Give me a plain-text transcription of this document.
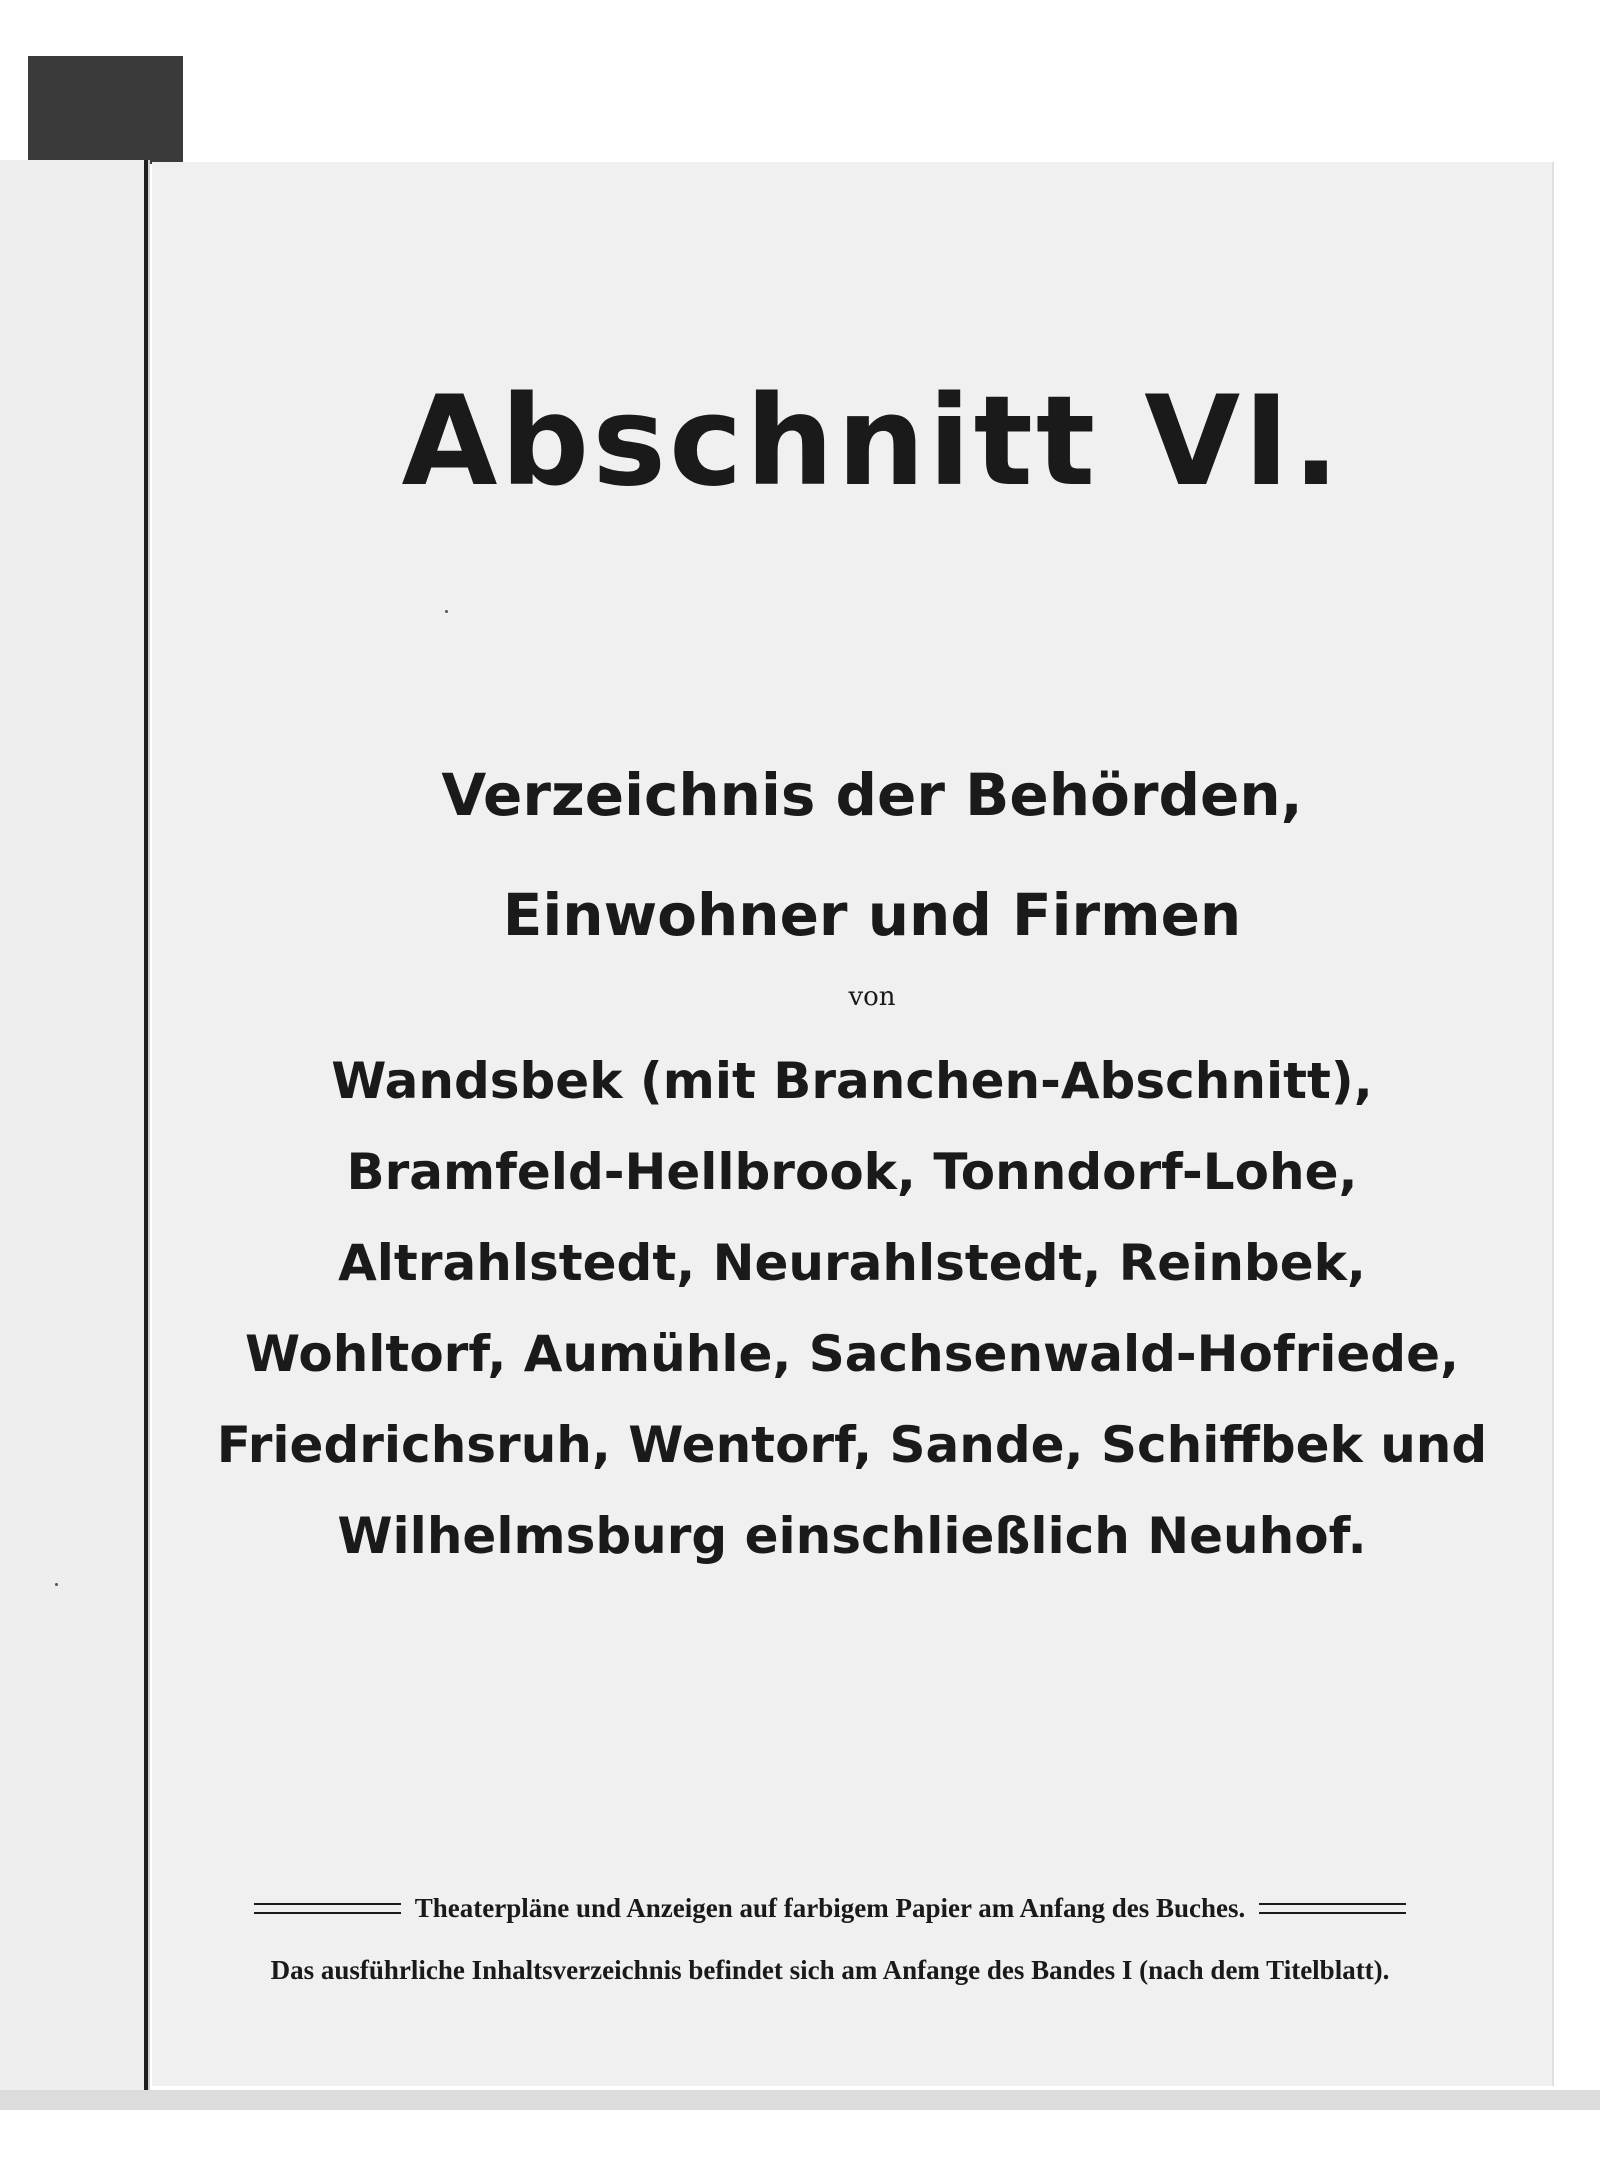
Abschnitt VI.
Verzeichnis der Behörden,
Einwohner und Firmen
von
Wandsbek (mit Branchen-Abschnitt),
Bramfeld-Hellbrook, Tonndorf-Lohe,
Altrahlstedt, Neurahlstedt, Reinbek,
Wohltorf, Aumühle, Sachsenwald-Hofriede,
Friedrichsruh, Wentorf, Sande, Schiffbek und
Wilhelmsburg einschließlich Neuhof.
Theaterpläne und Anzeigen auf farbigem Papier am Anfang des Buches.
Das ausführliche Inhaltsverzeichnis befindet sich am Anfange des Bandes I (nach dem Titelblatt).
